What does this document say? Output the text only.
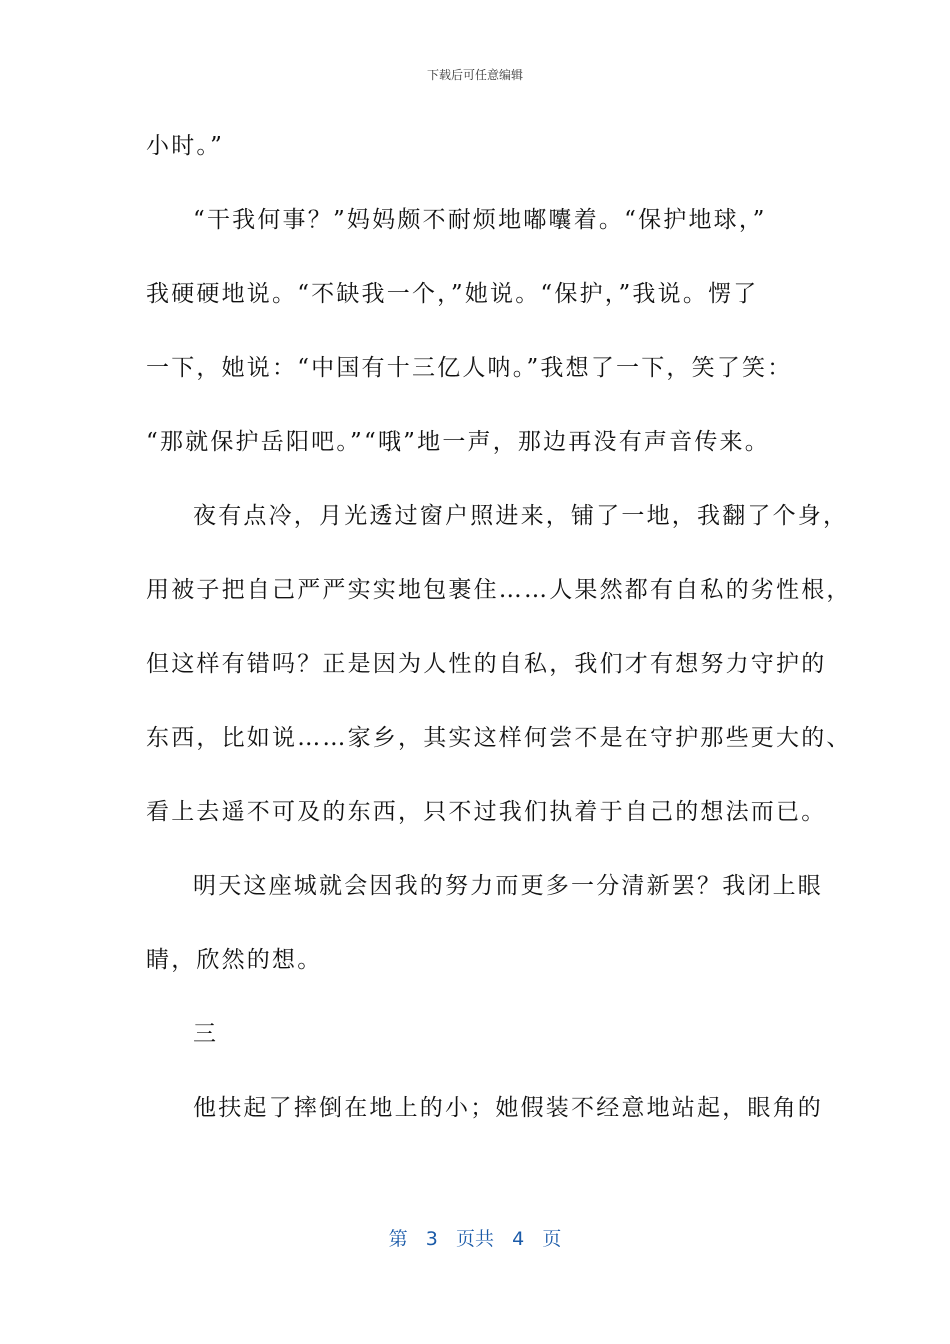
下载后可任意编辑
小时。”
“干我何事？”妈妈颇不耐烦地嘟囔着。“保护地球，”
我硬硬地说。“不缺我一个，”她说。“保护，”我说。愣了
一下，她说：“中国有十三亿人呐。”我想了一下，笑了笑：
“那就保护岳阳吧。”“哦”地一声，那边再没有声音传来。
夜有点冷，月光透过窗户照进来，铺了一地，我翻了个身，
用被子把自己严严实实地包裹住……人果然都有自私的劣性根，
但这样有错吗？正是因为人性的自私，我们才有想努力守护的
东西，比如说……家乡，其实这样何尝不是在守护那些更大的、
看上去遥不可及的东西，只不过我们执着于自己的想法而已。
明天这座城就会因我的努力而更多一分清新罢？我闭上眼
睛，欣然的想。
三
他扶起了摔倒在地上的小；她假装不经意地站起，眼角的
第 3 页共 4 页
